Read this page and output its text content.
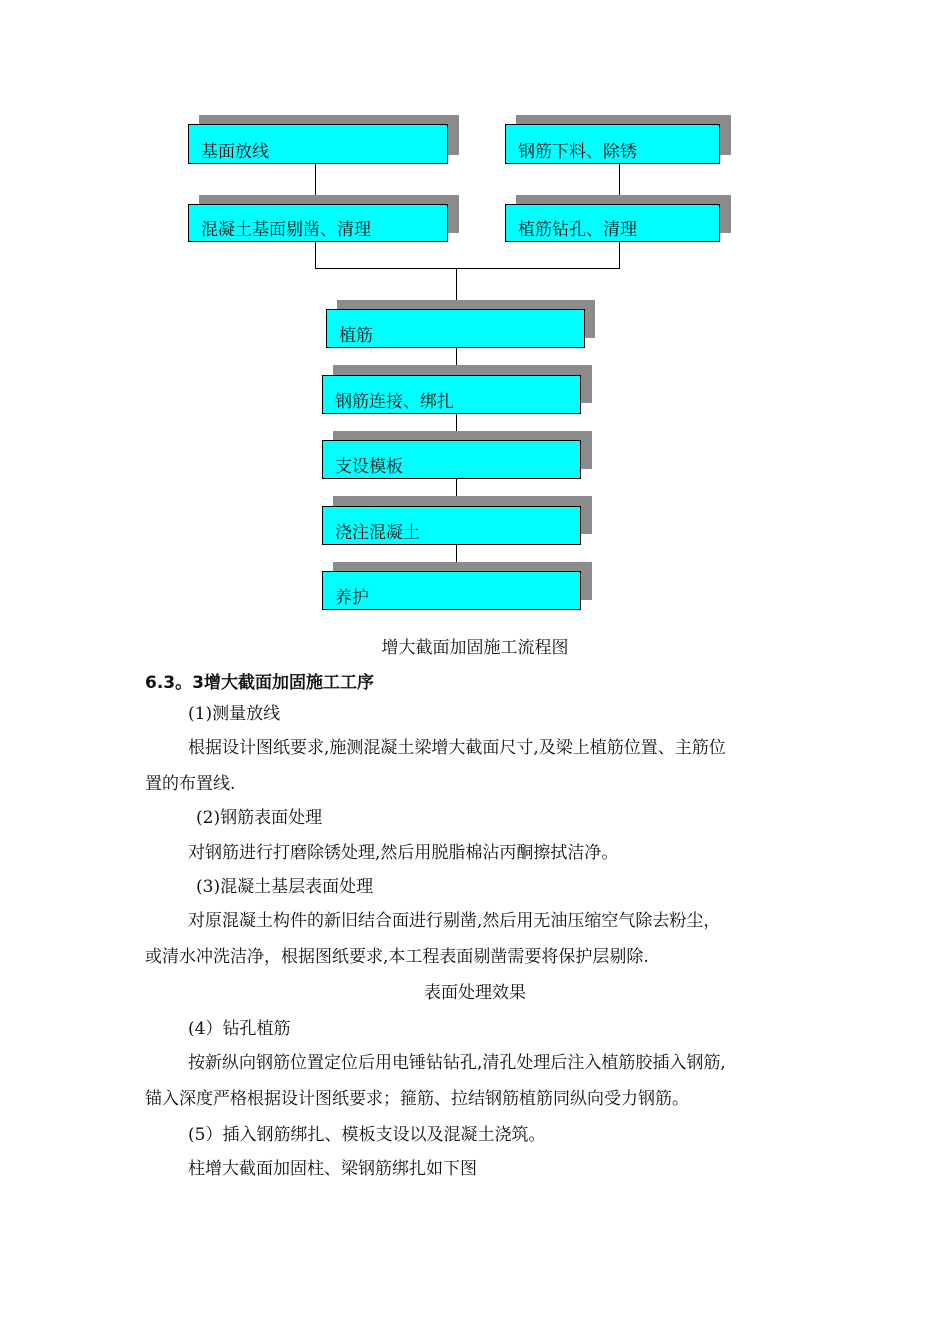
基面放线	钢筋下料、除锈
混凝土基面剔凿、清理	植筋钻孔、清理
植筋
钢筋连接、绑扎
支设模板
浇注混凝土
养护
增大截面加固施工流程图
6.3。3增大截面加固施工工序
(1)测量放线
根据设计图纸要求,施测混凝土梁增大截面尺寸,及梁上植筋位置、主筋位
置的布置线.
(2)钢筋表面处理
对钢筋进行打磨除锈处理,然后用脱脂棉沾丙酮擦拭洁净。
(3)混凝土基层表面处理
对原混凝土构件的新旧结合面进行剔凿,然后用无油压缩空气除去粉尘，
或清水冲洗洁净，根据图纸要求,本工程表面剔凿需要将保护层剔除.
表面处理效果
(4）钻孔植筋
按新纵向钢筋位置定位后用电锤钻钻孔,清孔处理后注入植筋胶插入钢筋,
锚入深度严格根据设计图纸要求；箍筋、拉结钢筋植筋同纵向受力钢筋。
(5）插入钢筋绑扎、模板支设以及混凝土浇筑。
柱增大截面加固柱、梁钢筋绑扎如下图
